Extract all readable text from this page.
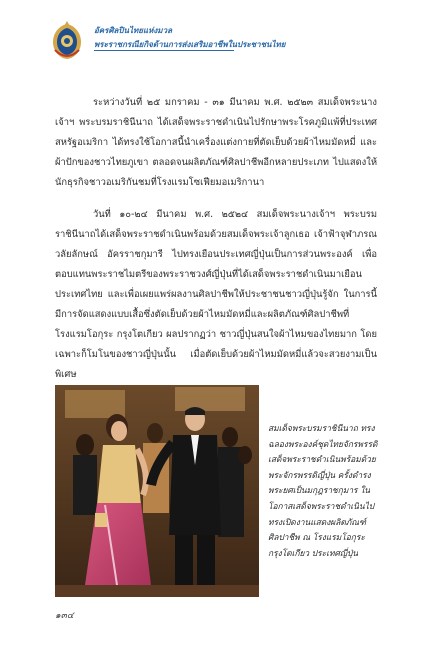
อัครศิลปินไทยแห่งมวล
พระราชกรณียกิจด้านการส่งเสริมอาชีพในประชาชนไทย
ระหว่างวันที่ ๒๕ มกราคม - ๓๑ มีนาคม พ.ศ. ๒๕๒๓ สมเด็จพระนางเจ้าฯ พระบรมราชินีนาถ ได้เสด็จพระราชดำเนินไปรักษาพระโรคภูมิแพ้ที่ประเทศสหรัฐอเมริกา ได้ทรงใช้โอกาสนี้นำเครื่องแต่งกายที่ตัดเย็บด้วยผ้าไหมมัดหมี่ และผ้าปักของชาวไทยภูเขา ตลอดจนผลิตภัณฑ์ศิลปาชีพอีกหลายประเภท ไปแสดงให้นักธุรกิจชาวอเมริกันชมที่โรงแรมโซเฟียมอเมริกานา
วันที่ ๑๐-๒๔ มีนาคม พ.ศ. ๒๕๒๔ สมเด็จพระนางเจ้าฯ พระบรมราชินีนาถได้เสด็จพระราชดำเนินพร้อมด้วยสมเด็จพระเจ้าลูกเธอ เจ้าฟ้าจุฬาภรณวลัยลักษณ์ อัครราชกุมารี ไปทรงเยือนประเทศญี่ปุ่นเป็นการส่วนพระองค์ เพื่อตอบแทนพระราชไมตรีของพระราชวงศ์ญี่ปุ่นที่ได้เสด็จพระราชดำเนินมาเยือนประเทศไทย และเพื่อเผยแพร่ผลงานศิลปาชีพให้ประชาชนชาวญี่ปุ่นรู้จัก ในการนี้ มีการจัดแสดงแบบเสื้อซึ่งตัดเย็บด้วยผ้าไหมมัดหมี่และผลิตภัณฑ์ศิลปาชีพที่โรงแรมโอกุระ กรุงโตเกียว ผลปรากฏว่า ชาวญี่ปุ่นสนใจผ้าไหมของไทยมาก โดยเฉพาะก็โมโนของชาวญี่ปุ่นนั้น เมื่อตัดเย็บด้วยผ้าไหมมัดหมี่แล้วจะสวยงามเป็นพิเศษ
สมเด็จพระบรมราชินีนาถ ทรงฉลองพระองค์ชุดไทยจักรพรรดิ เสด็จพระราชดำเนินพร้อมด้วยพระจักรพรรดิญี่ปุ่น ครั้งดำรงพระยศเป็นมกุฎราชกุมาร ในโอกาสเสด็จพระราชดำเนินไปทรงเปิดงานแสดงผลิตภัณฑ์ศิลปาชีพ ณ โรงแรมโอกุระ กรุงโตเกียว ประเทศญี่ปุ่น
๑๓๔
